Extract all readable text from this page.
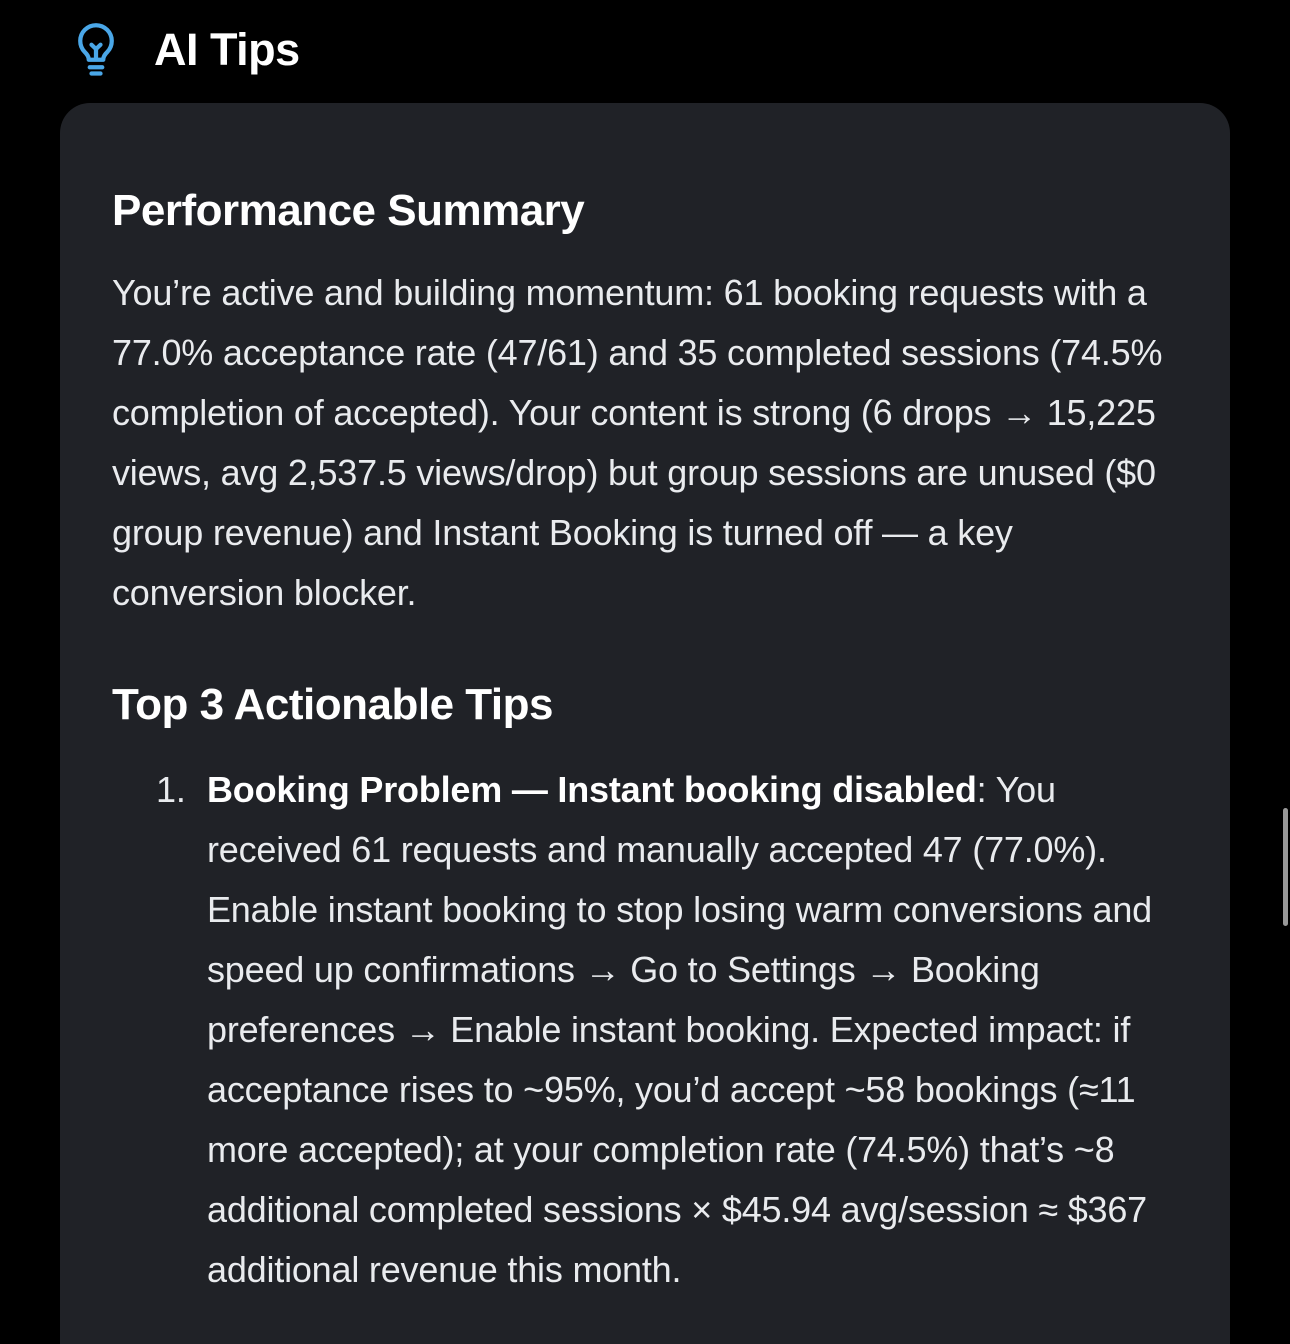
AI Tips
Performance Summary

You’re active and building momentum: 61 booking requests with a 77.0% acceptance rate (47/61) and 35 completed sessions (74.5% completion of accepted). Your content is strong (6 drops → 15,225 views, avg 2,537.5 views/drop) but group sessions are unused ($0 group revenue) and Instant Booking is turned off — a key conversion blocker.

Top 3 Actionable Tips
1. Booking Problem — Instant booking disabled: You received 61 requests and manually accepted 47 (77.0%). Enable instant booking to stop losing warm conversions and speed up confirmations → Go to Settings → Booking preferences → Enable instant booking. Expected impact: if acceptance rises to ~95%, you’d accept ~58 bookings (≈11 more accepted); at your completion rate (74.5%) that’s ~8 additional completed sessions × $45.94 avg/session ≈ $367 additional revenue this month.
